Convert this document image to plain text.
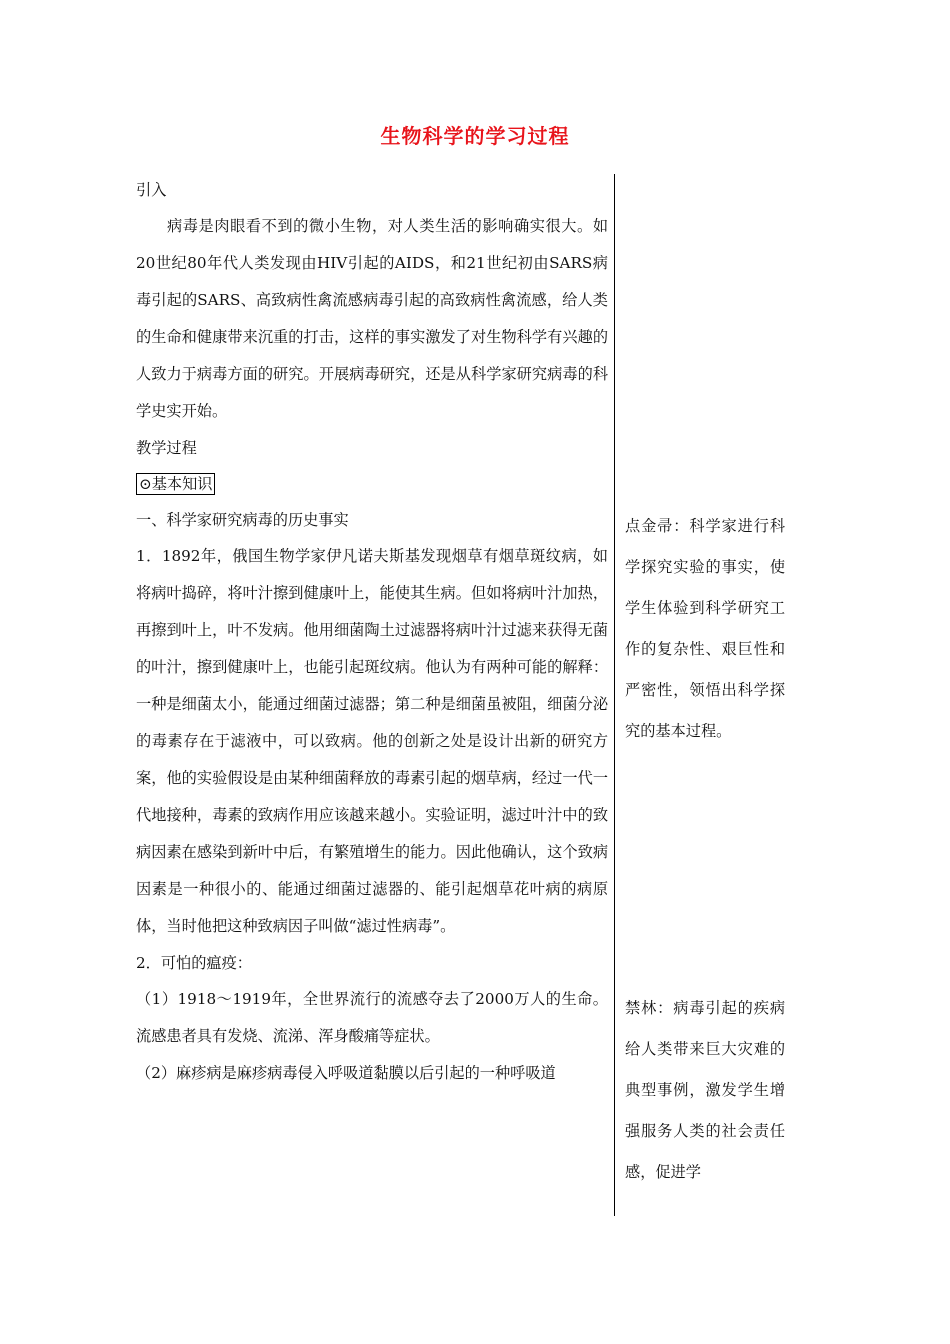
生物科学的学习过程

引入

病毒是肉眼看不到的微小生物，对人类生活的影响确实很大。如20世纪80年代人类发现由HIV引起的AIDS，和21世纪初由SARS病毒引起的SARS、高致病性禽流感病毒引起的高致病性禽流感，给人类的生命和健康带来沉重的打击，这样的事实激发了对生物科学有兴趣的人致力于病毒方面的研究。开展病毒研究，还是从科学家研究病毒的科学史实开始。

教学过程

⊙基本知识

一、科学家研究病毒的历史事实

1．1892年，俄国生物学家伊凡诺夫斯基发现烟草有烟草斑纹病，如将病叶捣碎，将叶汁擦到健康叶上，能使其生病。但如将病叶汁加热，再擦到叶上，叶不发病。他用细菌陶土过滤器将病叶汁过滤来获得无菌的叶汁，擦到健康叶上，也能引起斑纹病。他认为有两种可能的解释：一种是细菌太小，能通过细菌过滤器；第二种是细菌虽被阻，细菌分泌的毒素存在于滤液中，可以致病。他的创新之处是设计出新的研究方案，他的实验假设是由某种细菌释放的毒素引起的烟草病，经过一代一代地接种，毒素的致病作用应该越来越小。实验证明，滤过叶汁中的致病因素在感染到新叶中后，有繁殖增生的能力。因此他确认，这个致病因素是一种很小的、能通过细菌过滤器的、能引起烟草花叶病的病原体，当时他把这种致病因子叫做“滤过性病毒”。

2．可怕的瘟疫：

（1）1918～1919年，全世界流行的流感夺去了2000万人的生命。流感患者具有发烧、流涕、浑身酸痛等症状。

（2）麻疹病是麻疹病毒侵入呼吸道黏膜以后引起的一种呼吸道

点金帚：科学家进行科学探究实验的事实，使学生体验到科学研究工作的复杂性、艰巨性和严密性，领悟出科学探究的基本过程。

禁林：病毒引起的疾病给人类带来巨大灾难的典型事例，激发学生增强服务人类的社会责任感，促进学
